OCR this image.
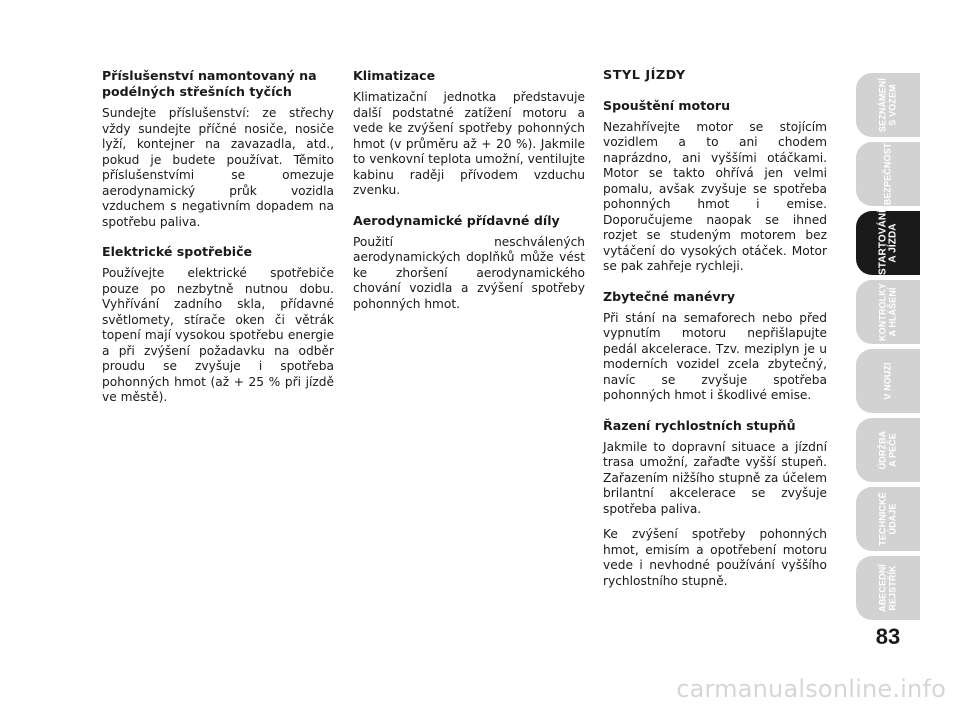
Příslušenství namontovaný na podélných střešních tyčích

Sundejte příslušenství: ze střechy vždy sundejte příčné nosiče, nosiče lyží, kontejner na zavazadla, atd., pokud je budete používat. Těmito příslušenstvími se omezuje aerodynamický průk vozidla vzduchem s negativním dopadem na spotřebu paliva.

Elektrické spotřebiče

Používejte elektrické spotřebiče pouze po nezbytně nutnou dobu. Vyhřívání zadního skla, přídavné světlomety, stírače oken či větrák topení mají vysokou spotřebu energie a při zvýšení požadavku na odběr proudu se zvyšuje i spotřeba pohonných hmot (až + 25 % při jízdě ve městě).

Klimatizace

Klimatizační jednotka představuje další podstatné zatížení motoru a vede ke zvýšení spotřeby pohonných hmot (v průměru až + 20 %). Jakmile to venkovní teplota umožní, ventilujte kabinu raději přívodem vzduchu zvenku.

Aerodynamické přídavné díly

Použití neschválených aerodynamických doplňků může vést ke zhoršení aerodynamického chování vozidla a zvýšení spotřeby pohonných hmot.

STYL JÍZDY
Spouštění motoru

Nezahřívejte motor se stojícím vozidlem a to ani chodem naprázdno, ani vyššími otáčkami. Motor se takto ohřívá jen velmi pomalu, avšak zvyšuje se spotřeba pohonných hmot i emise. Doporučujeme naopak se ihned rozjet se studeným motorem bez vytáčení do vysokých otáček. Motor se pak zahřeje rychleji.

Zbytečné manévry

Při stání na semaforech nebo před vypnutím motoru nepřišlapujte pedál akcelerace. Tzv. meziplyn je u moderních vozidel zcela zbytečný, navíc se zvyšuje spotřeba pohonných hmot i škodlivé emise.

Řazení rychlostních stupňů

Jakmile to dopravní situace a jízdní trasa umožní, zařaďte vyšší stupeň. Zařazením nižšího stupně za účelem brilantní akcelerace se zvyšuje spotřeba paliva.

Ke zvýšení spotřeby pohonných hmot, emisím a opotřebení motoru vede i nevhodné používání vyššího rychlostního stupně.

SEZNÁMENÍ
S VOZEM
BEZPEČNOST
STARTOVÁNÍ
A JÍZDA
KONTROLKY
A HLÁŠENÍ
V NOUZI
ÚDRŽBA
A PÉČE
TECHNICKÉ
ÚDAJE
ABECEDNÍ
REJSTŘÍK
83
carmanualsonline.info
